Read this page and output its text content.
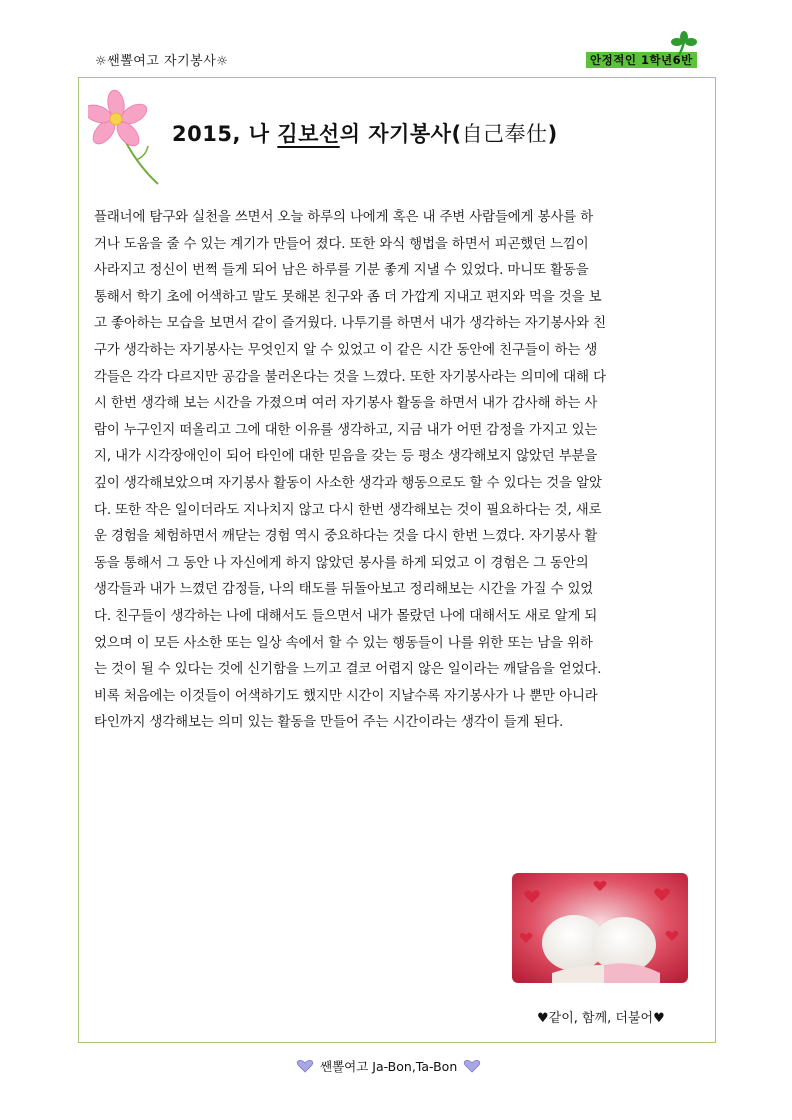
☼쌘뽈여고 자기봉사☼	안정적인 1학년6반
2015, 나 김보선의 자기봉사(自己奉仕)
플래너에 탐구와 실천을 쓰면서 오늘 하루의 나에게 혹은 내 주변 사람들에게 봉사를 하
거나 도움을 줄 수 있는 계기가 만들어 졌다. 또한 와식 행법을 하면서 피곤했던 느낌이
사라지고 정신이 번쩍 들게 되어 남은 하루를 기분 좋게 지낼 수 있었다. 마니또 활동을
통해서 학기 초에 어색하고 말도 못해본 친구와 좀 더 가깝게 지내고 편지와 먹을 것을 보
고 좋아하는 모습을 보면서 같이 즐거웠다. 나투기를 하면서 내가 생각하는 자기봉사와 친
구가 생각하는 자기봉사는 무엇인지 알 수 있었고 이 같은 시간 동안에 친구들이 하는 생
각들은 각각 다르지만 공감을 불러온다는 것을 느꼈다. 또한 자기봉사라는 의미에 대해 다
시 한번 생각해 보는 시간을 가졌으며 여러 자기봉사 활동을 하면서 내가 감사해 하는 사
람이 누구인지 떠올리고 그에 대한 이유를 생각하고, 지금 내가 어떤 감정을 가지고 있는
지, 내가 시각장애인이 되어 타인에 대한 믿음을 갖는 등 평소 생각해보지 않았던 부분을
깊이 생각해보았으며 자기봉사 활동이 사소한 생각과 행동으로도 할 수 있다는 것을 알았
다. 또한 작은 일이더라도 지나치지 않고 다시 한번 생각해보는 것이 필요하다는 것, 새로
운 경험을 체험하면서 깨닫는 경험 역시 중요하다는 것을 다시 한번 느꼈다. 자기봉사 활
동을 통해서 그 동안 나 자신에게 하지 않았던 봉사를 하게 되었고 이 경험은 그 동안의
생각들과 내가 느꼈던 감정들, 나의 태도를 뒤돌아보고 정리해보는 시간을 가질 수 있었
다. 친구들이 생각하는 나에 대해서도 들으면서 내가 몰랐던 나에 대해서도 새로 알게 되
었으며 이 모든 사소한 또는 일상 속에서 할 수 있는 행동들이 나를 위한 또는 남을 위하
는 것이 될 수 있다는 것에 신기함을 느끼고 결코 어렵지 않은 일이라는 깨달음을 얻었다.
비록 처음에는 이것들이 어색하기도 했지만 시간이 지날수록 자기봉사가 나 뿐만 아니라
타인까지 생각해보는 의미 있는 활동을 만들어 주는 시간이라는 생각이 들게 된다.
♥같이, 함께, 더불어♥
쌘뽈여고 Ja-Bon,Ta-Bon
